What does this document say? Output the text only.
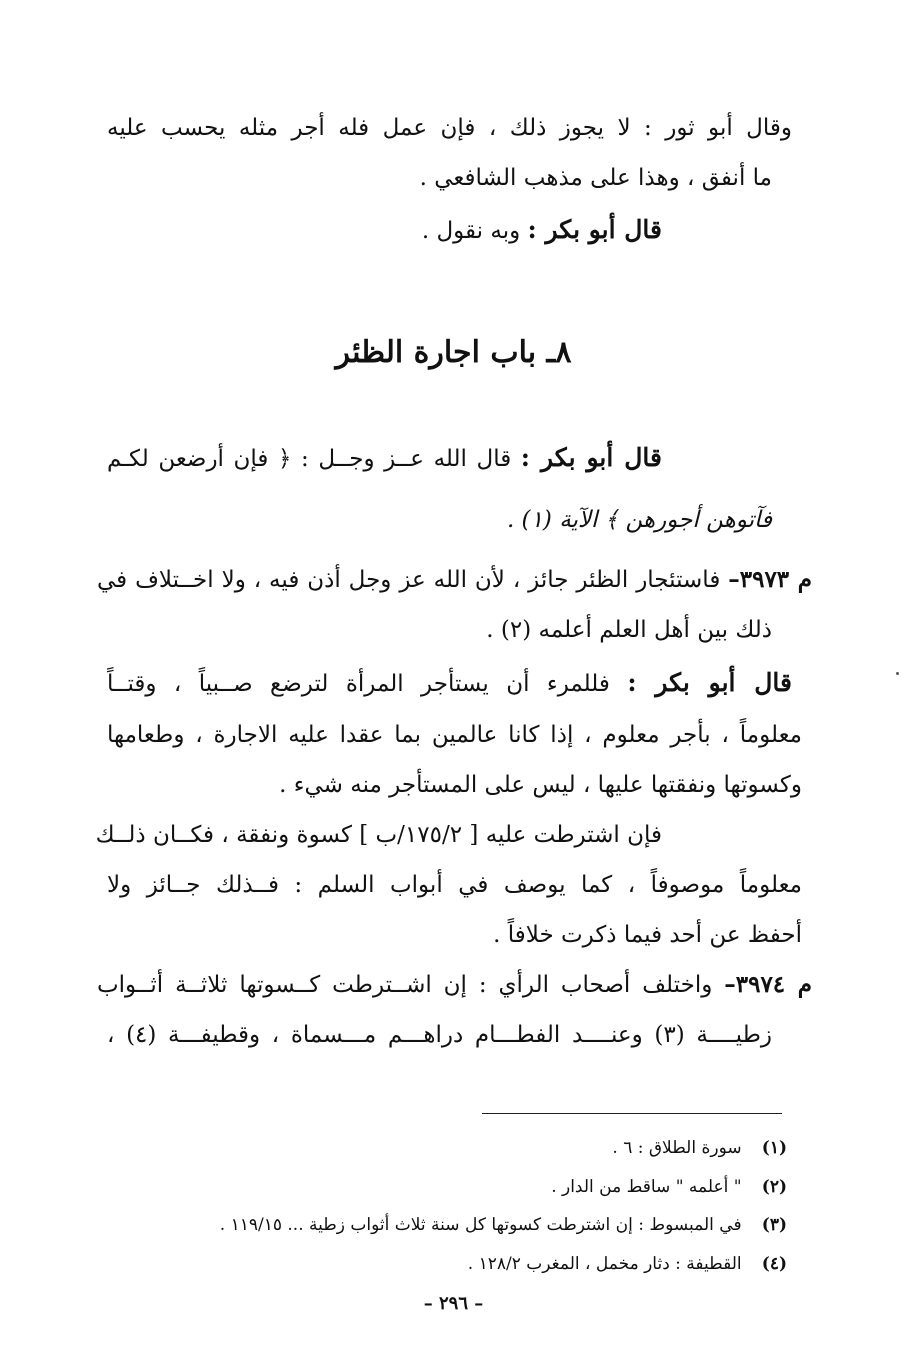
وقال أبو ثور : لا يجوز ذلك ، فإن عمل فله أجر مثله يحسب عليه
ما أنفق ، وهذا على مذهب الشافعي .
قال أبو بكر : وبه نقول .
٨ـ باب اجارة الظئر
قال أبو بكر : قال الله عــز وجــل : ﴿ فإن أرضعن لكـم
فآتوهن أجورهن ﴾ الآية (١) .
م ٣٩٧٣– فاستئجار الظئر جائز ، لأن الله عز وجل أذن فيه ، ولا اخــتلاف في
ذلك بين أهل العلم أعلمه (٢) .
قال أبو بكر : فللمرء أن يستأجر المرأة لترضع صــبياً ، وقتــاً
معلوماً ، بأجر معلوم ، إذا كانا عالمين بما عقدا عليه الاجارة ، وطعامها
وكسوتها ونفقتها عليها ، ليس على المستأجر منه شيء .
فإن اشترطت عليه [ ١٧٥/٢/ب ] كسوة ونفقة ، فكــان ذلــك
معلوماً موصوفاً ، كما يوصف في أبواب السلم : فــذلك جــائز ولا
أحفظ عن أحد فيما ذكرت خلافاً .
م ٣٩٧٤– واختلف أصحاب الرأي : إن اشــترطت كــسوتها ثلاثــة أثــواب
زطيــــة (٣) وعنــــد الفطـــام دراهـــم مـــسماة ، وقطيفـــة (٤) ،
(١) سورة الطلاق : ٦ .
(٢) " أعلمه " ساقط من الدار .
(٣) في المبسوط : إن اشترطت كسوتها كل سنة ثلاث أثواب زطية ... ١١٩/١٥ .
(٤) القطيفة : دثار مخمل ، المغرب ١٢٨/٢ .
– ٢٩٦ –
